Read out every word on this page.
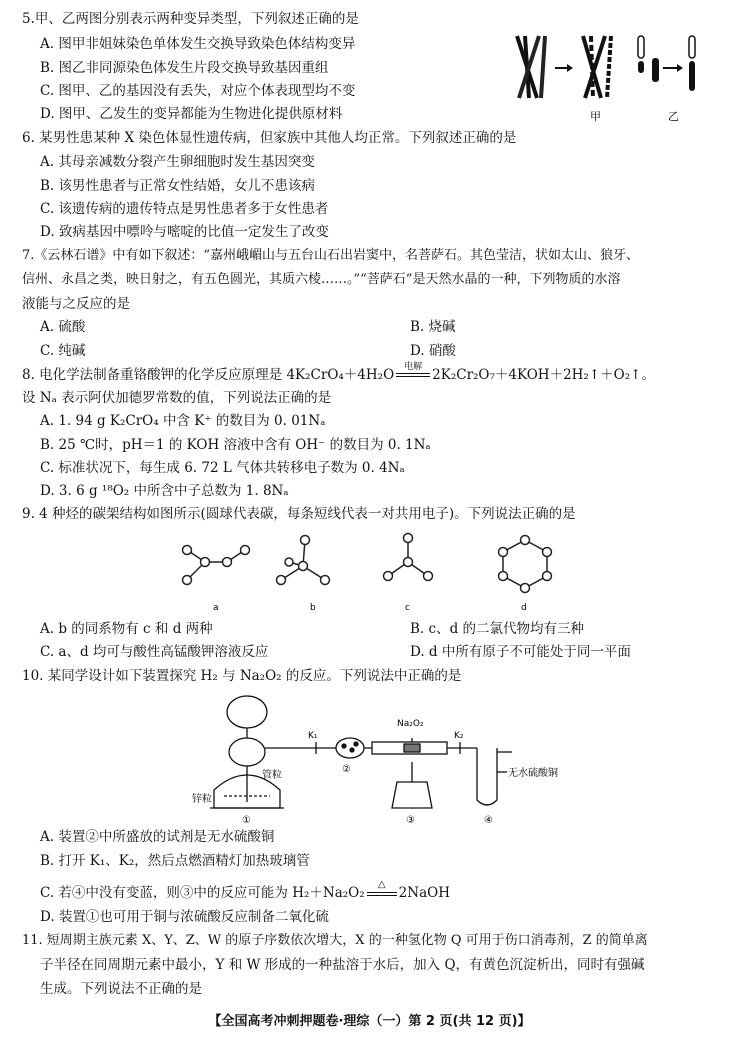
5.甲、乙两图分别表示两种变异类型，下列叙述正确的是
A. 图甲非姐妹染色单体发生交换导致染色体结构变异
B. 图乙非同源染色体发生片段交换导致基因重组
C. 图甲、乙的基因没有丢失，对应个体表现型均不变
D. 图甲、乙发生的变异都能为生物进化提供原材料	甲	乙
6. 某男性患某种 X 染色体显性遗传病，但家族中其他人均正常。下列叙述正确的是
A. 其母亲减数分裂产生卵细胞时发生基因突变
B. 该男性患者与正常女性结婚，女儿不患该病
C. 该遗传病的遗传特点是男性患者多于女性患者
D. 致病基因中嘌呤与嘧啶的比值一定发生了改变
7.《云林石谱》中有如下叙述：“嘉州峨嵋山与五台山石出岩窦中，名菩萨石。其色莹洁，状如太山、狼牙、
信州、永昌之类，映日射之，有五色圆光，其质六棱……。”“菩萨石”是天然水晶的一种，下列物质的水溶
液能与之反应的是
A. 硫酸	B. 烧碱
C. 纯碱	D. 硝酸
8. 电化学法制备重铬酸钾的化学反应原理是 4K₂CrO₄＋4H₂O	电解 2K₂Cr₂O₇＋4KOH＋2H₂↑＋O₂↑。
设 Nₐ 表示阿伏加德罗常数的值，下列说法正确的是
A. 1. 94 g K₂CrO₄ 中含 K⁺ 的数目为 0. 01Nₐ
B. 25 ℃时，pH＝1 的 KOH 溶液中含有 OH⁻ 的数目为 0. 1Nₐ
C. 标准状况下，每生成 6. 72 L 气体共转移电子数为 0. 4Nₐ
D. 3. 6 g ¹⁸O₂ 中所含中子总数为 1. 8Nₐ
9. 4 种烃的碳架结构如图所示(圆球代表碳，每条短线代表一对共用电子)。下列说法正确的是
a	b	c	d
A. b 的同系物有 c 和 d 两种	B. c、d 的二氯代物均有三种
C. a、d 均可与酸性高锰酸钾溶液反应	D. d 中所有原子不可能处于同一平面
10. 某同学设计如下装置探究 H₂ 与 Na₂O₂ 的反应。下列说法中正确的是
锌粒
管粒
①
K₁
②
Na₂O₂
③
K₂
无水硫酸铜
④
A. 装置②中所盛放的试剂是无水硫酸铜
B. 打开 K₁、K₂，然后点燃酒精灯加热玻璃管
C. 若④中没有变蓝，则③中的反应可能为 H₂＋Na₂O₂
△
2NaOH
D. 装置①也可用于铜与浓硫酸反应制备二氧化硫
11. 短周期主族元素 X、Y、Z、W 的原子序数依次增大，X 的一种氢化物 Q 可用于伤口消毒剂，Z 的简单离
子半径在同周期元素中最小，Y 和 W 形成的一种盐溶于水后，加入 Q，有黄色沉淀析出，同时有强碱
生成。下列说法不正确的是
【全国高考冲刺押题卷·理综（一）第 2 页(共 12 页)】
